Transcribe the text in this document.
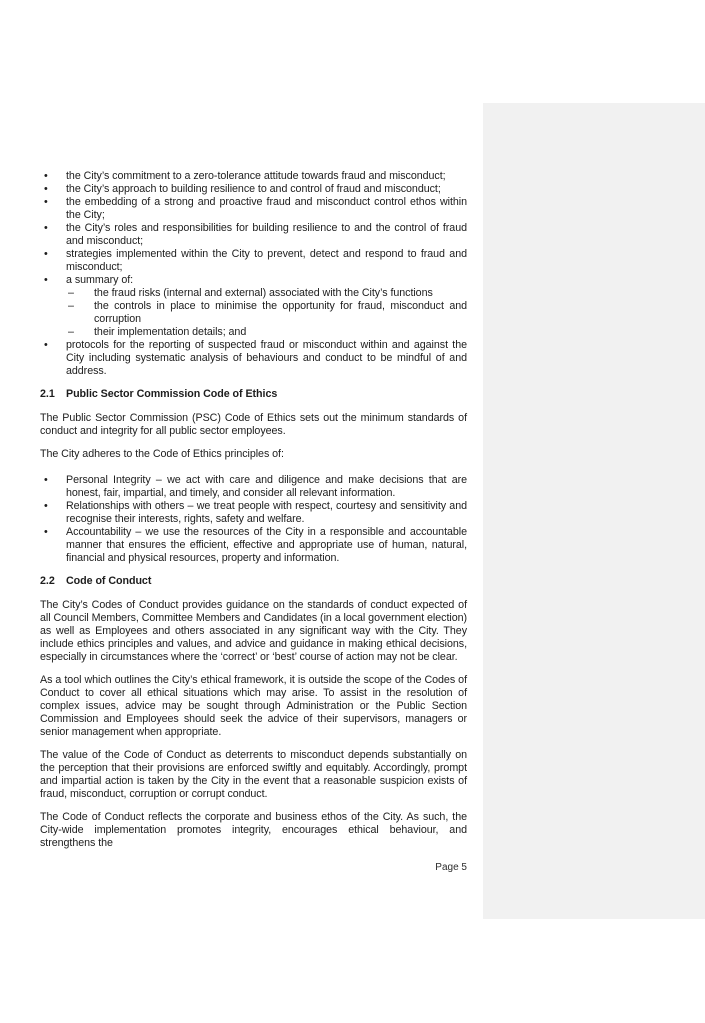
• the City’s commitment to a zero-tolerance attitude towards fraud and misconduct;
• the City’s approach to building resilience to and control of fraud and misconduct;
• the embedding of a strong and proactive fraud and misconduct control ethos within the City;
• the City’s roles and responsibilities for building resilience to and the control of fraud and misconduct;
• strategies implemented within the City to prevent, detect and respond to fraud and misconduct;
• a summary of:
– the fraud risks (internal and external) associated with the City’s functions
– the controls in place to minimise the opportunity for fraud, misconduct and corruption
– their implementation details; and
• protocols for the reporting of suspected fraud or misconduct within and against the City including systematic analysis of behaviours and conduct to be mindful of and address.
2.1 Public Sector Commission Code of Ethics

The Public Sector Commission (PSC) Code of Ethics sets out the minimum standards of conduct and integrity for all public sector employees.

The City adheres to the Code of Ethics principles of:

• Personal Integrity – we act with care and diligence and make decisions that are honest, fair, impartial, and timely, and consider all relevant information.
• Relationships with others – we treat people with respect, courtesy and sensitivity and recognise their interests, rights, safety and welfare.
• Accountability – we use the resources of the City in a responsible and accountable manner that ensures the efficient, effective and appropriate use of human, natural, financial and physical resources, property and information.
2.2 Code of Conduct

The City’s Codes of Conduct provides guidance on the standards of conduct expected of all Council Members, Committee Members and Candidates (in a local government election) as well as Employees and others associated in any significant way with the City. They include ethics principles and values, and advice and guidance in making ethical decisions, especially in circumstances where the ‘correct’ or ‘best’ course of action may not be clear.

As a tool which outlines the City’s ethical framework, it is outside the scope of the Codes of Conduct to cover all ethical situations which may arise. To assist in the resolution of complex issues, advice may be sought through Administration or the Public Section Commission and Employees should seek the advice of their supervisors, managers or senior management when appropriate.

The value of the Code of Conduct as deterrents to misconduct depends substantially on the perception that their provisions are enforced swiftly and equitably. Accordingly, prompt and impartial action is taken by the City in the event that a reasonable suspicion exists of fraud, misconduct, corruption or corrupt conduct.

The Code of Conduct reflects the corporate and business ethos of the City. As such, the City-wide implementation promotes integrity, encourages ethical behaviour, and strengthens the

Page 5
